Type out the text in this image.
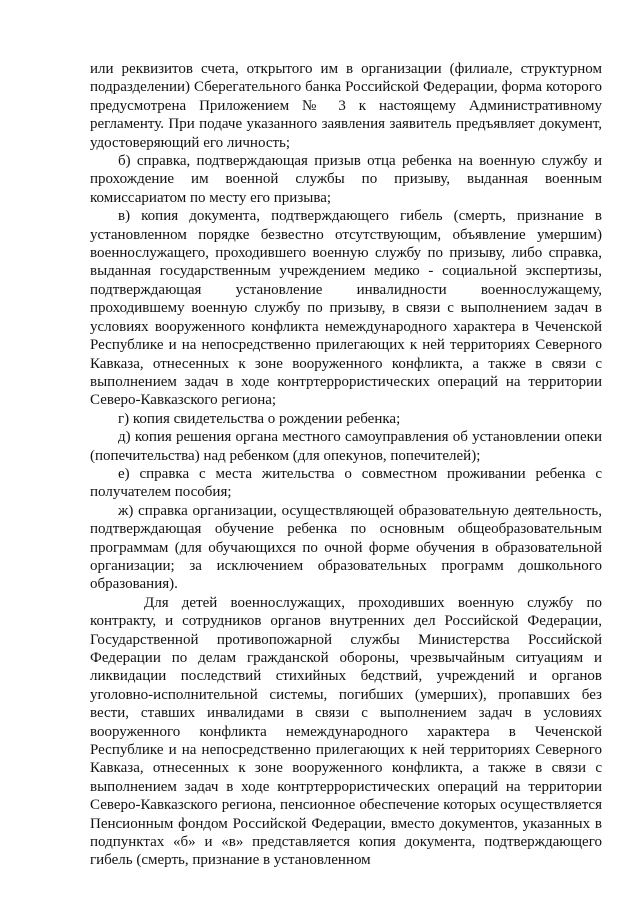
или реквизитов счета, открытого им в организации (филиале, структурном подразделении) Сберегательного банка Российской Федерации, форма которого предусмотрена Приложением № 3 к настоящему Административному регламенту. При подаче указанного заявления заявитель предъявляет документ, удостоверяющий его личность;

б) справка, подтверждающая призыв отца ребенка на военную службу и прохождение им военной службы по призыву, выданная военным комиссариатом по месту его призыва;

в) копия документа, подтверждающего гибель (смерть, признание в установленном порядке безвестно отсутствующим, объявление умершим) военнослужащего, проходившего военную службу по призыву, либо справка, выданная государственным учреждением медико - социальной экспертизы, подтверждающая установление инвалидности военнослужащему, проходившему военную службу по призыву, в связи с выполнением задач в условиях вооруженного конфликта немеждународного характера в Чеченской Республике и на непосредственно прилегающих к ней территориях Северного Кавказа, отнесенных к зоне вооруженного конфликта, а также в связи с выполнением задач в ходе контртеррористических операций на территории Северо-Кавказского региона;

г) копия свидетельства о рождении ребенка;

д) копия решения органа местного самоуправления об установлении опеки (попечительства) над ребенком (для опекунов, попечителей);

е) справка с места жительства о совместном проживании ребенка с получателем пособия;

ж) справка организации, осуществляющей образовательную деятельность, подтверждающая обучение ребенка по основным общеобразовательным программам (для обучающихся по очной форме обучения в образовательной организации; за исключением образовательных программ дошкольного образования).

Для детей военнослужащих, проходивших военную службу по контракту, и сотрудников органов внутренних дел Российской Федерации, Государственной противопожарной службы Министерства Российской Федерации по делам гражданской обороны, чрезвычайным ситуациям и ликвидации последствий стихийных бедствий, учреждений и органов уголовно-исполнительной системы, погибших (умерших), пропавших без вести, ставших инвалидами в связи с выполнением задач в условиях вооруженного конфликта немеждународного характера в Чеченской Республике и на непосредственно прилегающих к ней территориях Северного Кавказа, отнесенных к зоне вооруженного конфликта, а также в связи с выполнением задач в ходе контртеррористических операций на территории Северо-Кавказского региона, пенсионное обеспечение которых осуществляется Пенсионным фондом Российской Федерации, вместо документов, указанных в подпунктах «б» и «в» представляется копия документа, подтверждающего гибель (смерть, признание в установленном
